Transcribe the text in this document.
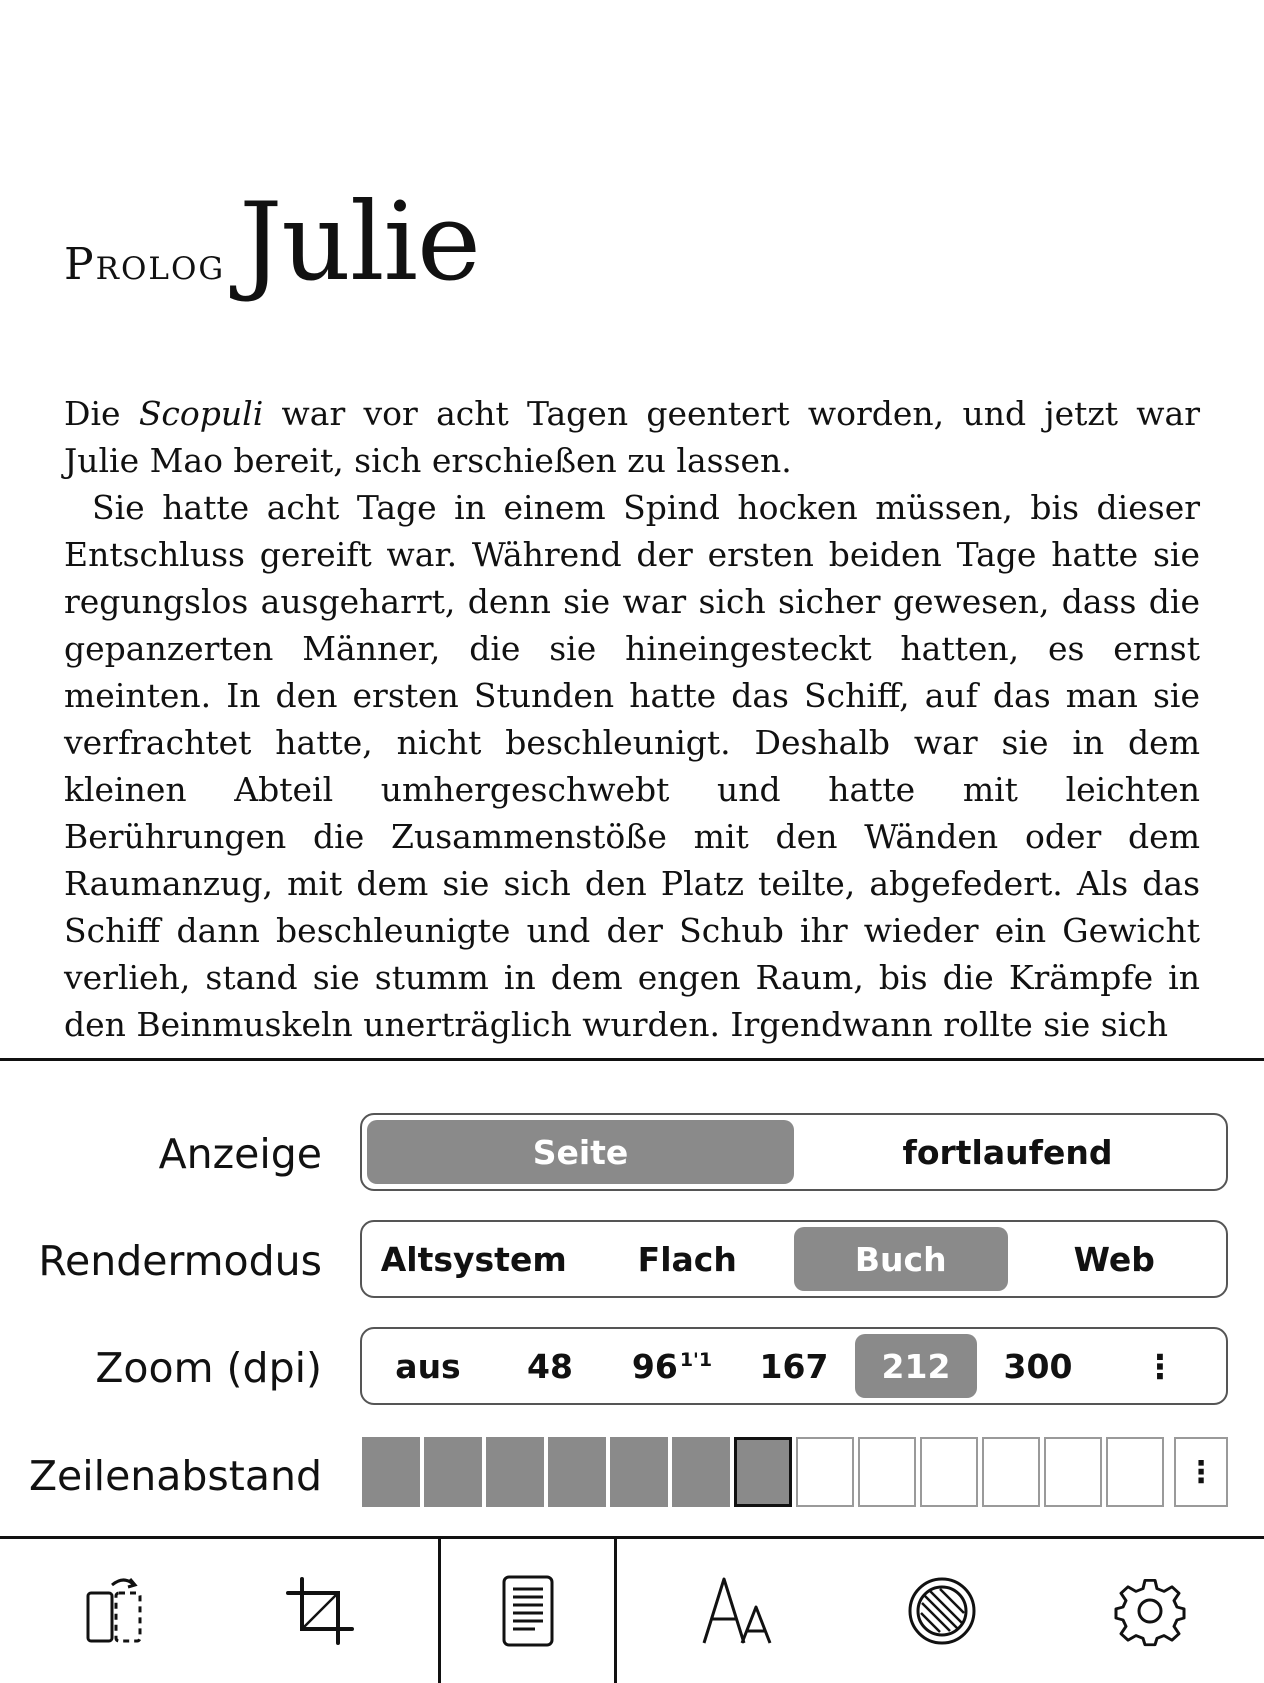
Prolog Julie

Die Scopuli war vor acht Tagen geentert worden, und jetzt war Julie Mao bereit, sich erschießen zu lassen.

Sie hatte acht Tage in einem Spind hocken müssen, bis dieser Entschluss gereift war. Während der ersten beiden Tage hatte sie regungslos ausgeharrt, denn sie war sich sicher gewesen, dass die gepanzerten Männer, die sie hineingesteckt hatten, es ernst meinten. In den ersten Stunden hatte das Schiff, auf das man sie verfrachtet hatte, nicht beschleunigt. Deshalb war sie in dem kleinen Abteil umhergeschwebt und hatte mit leichten Berührungen die Zusammenstöße mit den Wänden oder dem Raumanzug, mit dem sie sich den Platz teilte, abgefedert. Als das Schiff dann beschleunigte und der Schub ihr wieder ein Gewicht verlieh, stand sie stumm in dem engen Raum, bis die Krämpfe in den Beinmuskeln unerträglich wurden. Irgendwann rollte sie sich

Anzeige	Seite	fortlaufend
Rendermodus	Altsystem	Flach	Buch	Web
Zoom (dpi)	aus	48	$96^{1'1}$	167	212	300	⋮
Zeilenabstand	⋮
